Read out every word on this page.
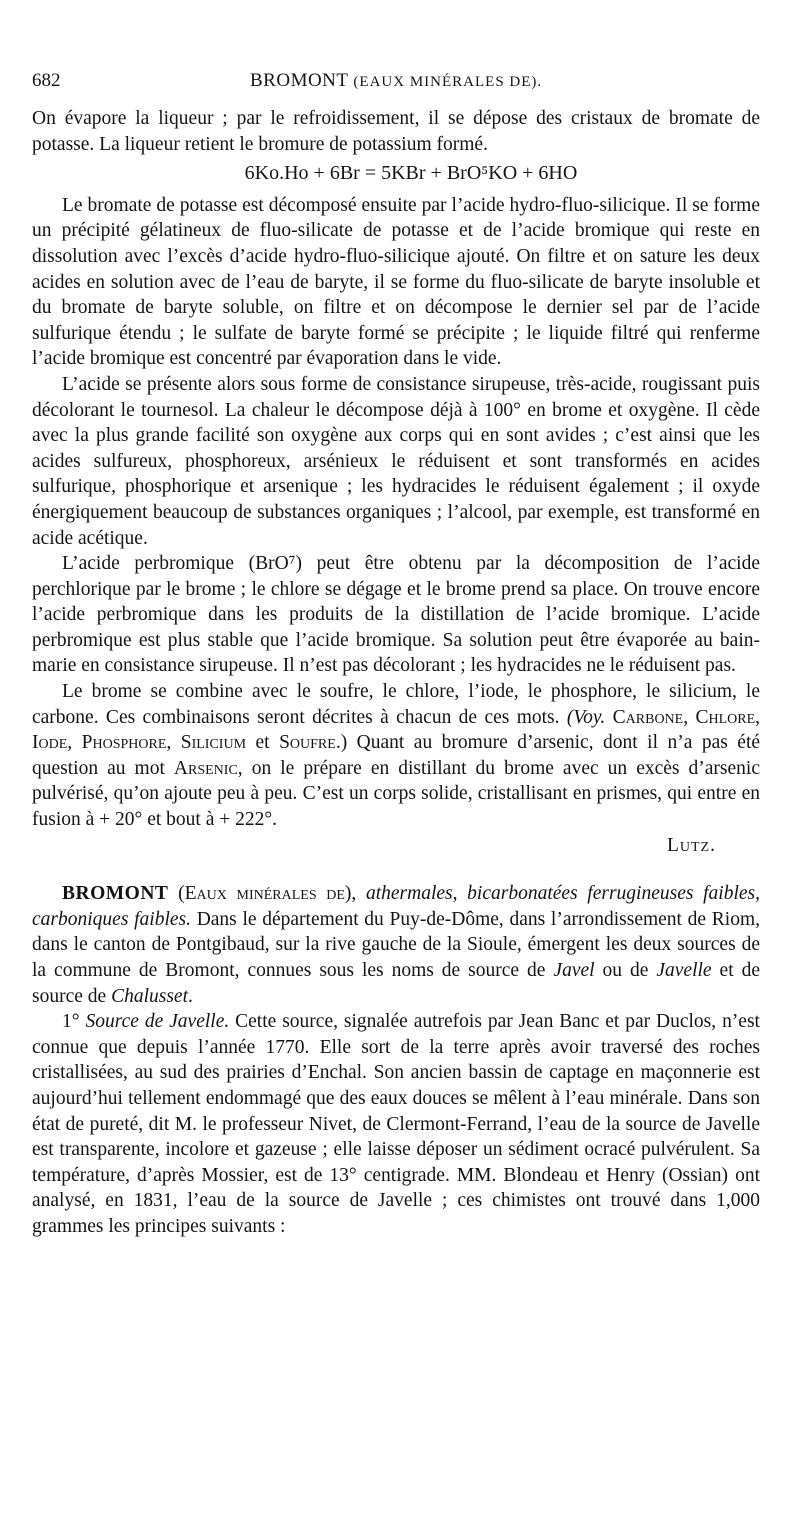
682	BROMONT (EAUX MINÉRALES DE).

On évapore la liqueur ; par le refroidissement, il se dépose des cristaux de bromate de potasse. La liqueur retient le bromure de potassium formé.

6Ko.Ho + 6Br = 5KBr + BrO⁵KO + 6HO

Le bromate de potasse est décomposé ensuite par l’acide hydro-fluo-silicique. Il se forme un précipité gélatineux de fluo-silicate de potasse et de l’acide bromique qui reste en dissolution avec l’excès d’acide hydro-fluo-silicique ajouté. On filtre et on sature les deux acides en solution avec de l’eau de baryte, il se forme du fluo-silicate de baryte insoluble et du bromate de baryte soluble, on filtre et on décompose le dernier sel par de l’acide sulfurique étendu ; le sulfate de baryte formé se précipite ; le liquide filtré qui renferme l’acide bromique est concentré par évaporation dans le vide.

L’acide se présente alors sous forme de consistance sirupeuse, très-acide, rougissant puis décolorant le tournesol. La chaleur le décompose déjà à 100° en brome et oxygène. Il cède avec la plus grande facilité son oxygène aux corps qui en sont avides ; c’est ainsi que les acides sulfureux, phosphoreux, arsénieux le réduisent et sont transformés en acides sulfurique, phosphorique et arsenique ; les hydracides le réduisent également ; il oxyde énergiquement beaucoup de substances organiques ; l’alcool, par exemple, est transformé en acide acétique.

L’acide perbromique (BrO⁷) peut être obtenu par la décomposition de l’acide perchlorique par le brome ; le chlore se dégage et le brome prend sa place. On trouve encore l’acide perbromique dans les produits de la distillation de l’acide bromique. L’acide perbromique est plus stable que l’acide bromique. Sa solution peut être évaporée au bain-marie en consistance sirupeuse. Il n’est pas décolorant ; les hydracides ne le réduisent pas.

Le brome se combine avec le soufre, le chlore, l’iode, le phosphore, le silicium, le carbone. Ces combinaisons seront décrites à chacun de ces mots. (Voy. Carbone, Chlore, Iode, Phosphore, Silicium et Soufre.) Quant au bromure d’arsenic, dont il n’a pas été question au mot Arsenic, on le prépare en distillant du brome avec un excès d’arsenic pulvérisé, qu’on ajoute peu à peu. C’est un corps solide, cristallisant en prismes, qui entre en fusion à + 20° et bout à + 222°.

Lutz.

BROMONT (Eaux minérales de), athermales, bicarbonatées ferrugineuses faibles, carboniques faibles. Dans le département du Puy-de-Dôme, dans l’arrondissement de Riom, dans le canton de Pontgibaud, sur la rive gauche de la Sioule, émergent les deux sources de la commune de Bromont, connues sous les noms de source de Javel ou de Javelle et de source de Chalusset.

1° Source de Javelle. Cette source, signalée autrefois par Jean Banc et par Duclos, n’est connue que depuis l’année 1770. Elle sort de la terre après avoir traversé des roches cristallisées, au sud des prairies d’Enchal. Son ancien bassin de captage en maçonnerie est aujourd’hui tellement endommagé que des eaux douces se mêlent à l’eau minérale. Dans son état de pureté, dit M. le professeur Nivet, de Clermont-Ferrand, l’eau de la source de Javelle est transparente, incolore et gazeuse ; elle laisse déposer un sédiment ocracé pulvérulent. Sa température, d’après Mossier, est de 13° centigrade. MM. Blondeau et Henry (Ossian) ont analysé, en 1831, l’eau de la source de Javelle ; ces chimistes ont trouvé dans 1,000 grammes les principes suivants :
